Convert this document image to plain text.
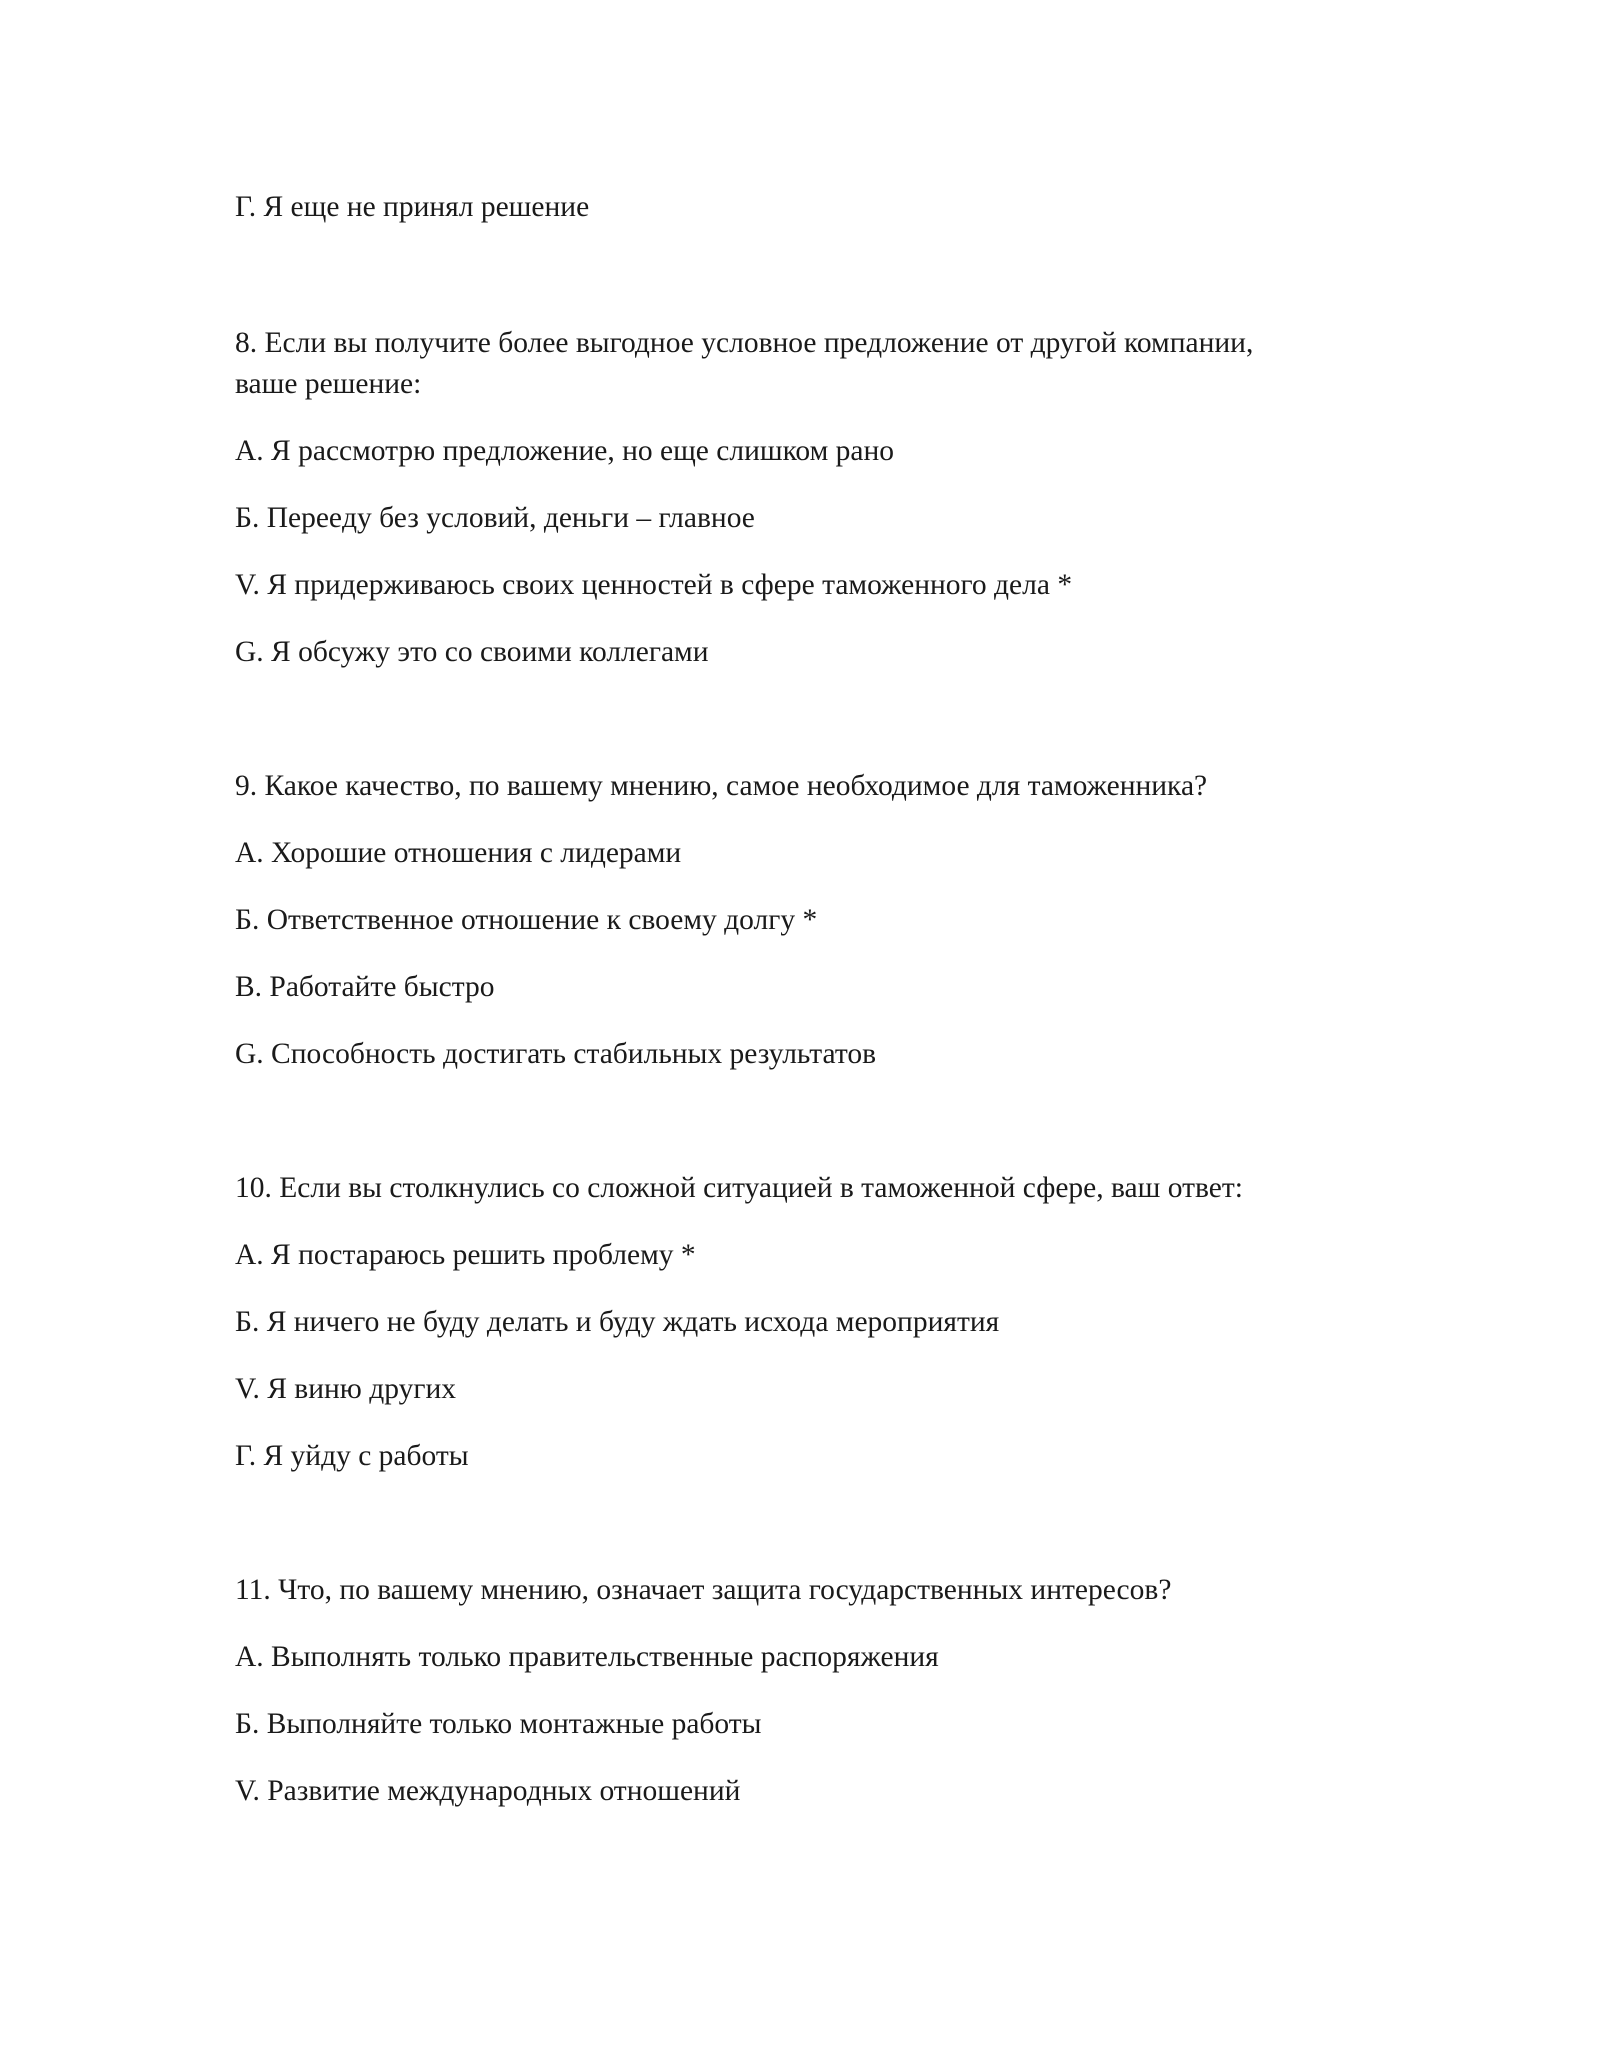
Г. Я еще не принял решение

8. Если вы получите более выгодное условное предложение от другой компании,

ваше решение:

А. Я рассмотрю предложение, но еще слишком рано

Б. Переeду без условий, деньги – главное

V. Я придерживаюсь своих ценностей в сфере таможенного дела *

G. Я обсужу это со своими коллегами

9. Какое качество, по вашему мнению, самое необходимое для таможенника?

А. Хорошие отношения с лидерами

Б. Ответственное отношение к своему долгу *

В. Работайте быстро

G. Способность достигать стабильных результатов

10. Если вы столкнулись со сложной ситуацией в таможенной сфере, ваш ответ:

А. Я постараюсь решить проблему *

Б. Я ничего не буду делать и буду ждать исхода мероприятия

V. Я виню других

Г. Я уйду с работы

11. Что, по вашему мнению, означает защита государственных интересов?

А. Выполнять только правительственные распоряжения

Б. Выполняйте только монтажные работы

V. Развитие международных отношений
